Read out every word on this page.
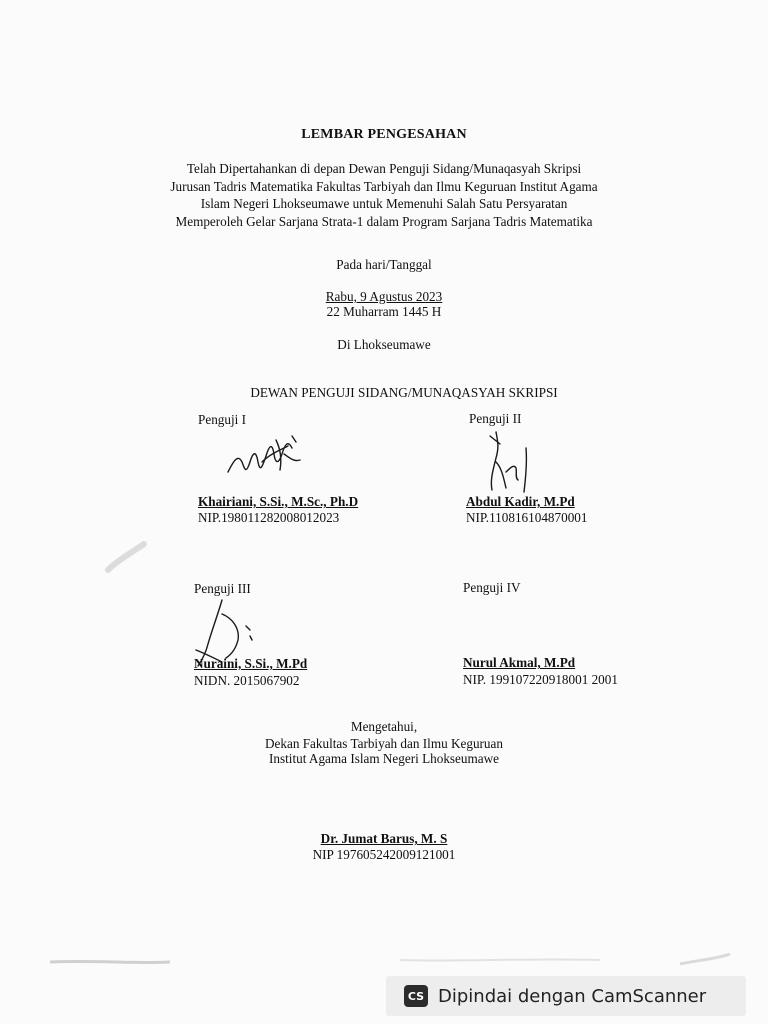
LEMBAR PENGESAHAN
Telah Dipertahankan di depan Dewan Penguji Sidang/Munaqasyah Skripsi
Jurusan Tadris Matematika Fakultas Tarbiyah dan Ilmu Keguruan Institut Agama
Islam Negeri Lhokseumawe untuk Memenuhi Salah Satu Persyaratan
Memperoleh Gelar Sarjana Strata-1 dalam Program Sarjana Tadris Matematika
Pada hari/Tanggal
Rabu, 9 Agustus 2023
22 Muharram 1445 H
Di Lhokseumawe
DEWAN PENGUJI SIDANG/MUNAQASYAH SKRIPSI
Penguji I
Khairiani, S.Si., M.Sc., Ph.D
NIP.198011282008012023
Penguji II
Abdul Kadir, M.Pd
NIP.110816104870001
Penguji III
Nuraini, S.Si., M.Pd
NIDN. 2015067902
Penguji IV
Nurul Akmal, M.Pd
NIP. 199107220918001 2001
Mengetahui,
Dekan Fakultas Tarbiyah dan Ilmu Keguruan
Institut Agama Islam Negeri Lhokseumawe
Dr. Jumat Barus, M. S
NIP 197605242009121001
CS Dipindai dengan CamScanner
